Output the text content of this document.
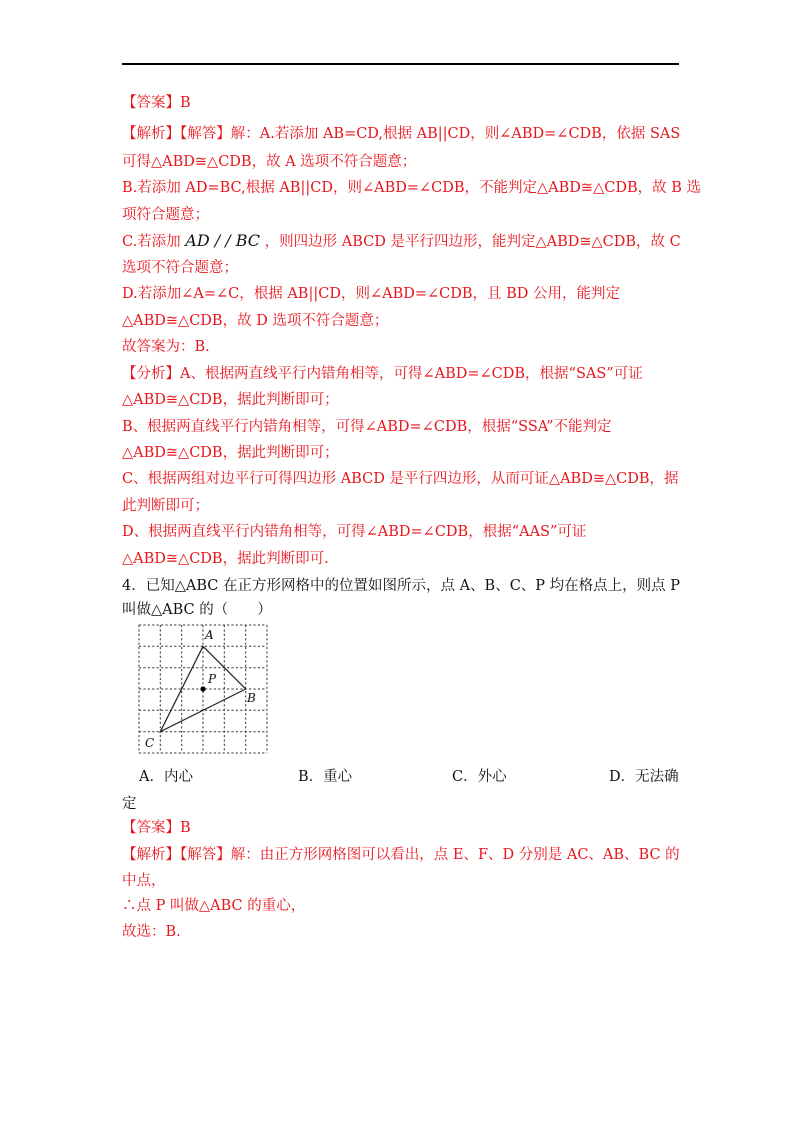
【答案】B
【解析】【解答】解：A.若添加 AB=CD,根据 AB||CD，则∠ABD=∠CDB，依据 SAS
可得△ABD≅△CDB，故 A 选项不符合题意；
B.若添加 AD=BC,根据 AB||CD，则∠ABD=∠CDB，不能判定△ABD≅△CDB，故 B 选
项符合题意；
C.若添加 AD / / BC ，则四边形 ABCD 是平行四边形，能判定△ABD≅△CDB，故 C
选项不符合题意；
D.若添加∠A=∠C，根据 AB||CD，则∠ABD=∠CDB，且 BD 公用，能判定
△ABD≅△CDB，故 D 选项不符合题意；
故答案为：B.
【分析】A、根据两直线平行内错角相等，可得∠ABD=∠CDB，根据“SAS”可证
△ABD≅△CDB，据此判断即可；
B、根据两直线平行内错角相等，可得∠ABD=∠CDB，根据“SSA”不能判定
△ABD≅△CDB，据此判断即可；
C、根据两组对边平行可得四边形 ABCD 是平行四边形，从而可证△ABD≅△CDB，据
此判断即可；
D、根据两直线平行内错角相等，可得∠ABD=∠CDB，根据“AAS”可证
△ABD≅△CDB，据此判断即可.
4．已知△ABC 在正方形网格中的位置如图所示，点 A、B、C、P 均在格点上，则点 P
叫做△ABC 的（　　）
A
B
C
P
A．内心	B．重心	C．外心	D．无法确
定
【答案】B
【解析】【解答】解：由正方形网格图可以看出，点 E、F、D 分别是 AC、AB、BC 的
中点，
∴点 P 叫做△ABC 的重心，
故选：B.
